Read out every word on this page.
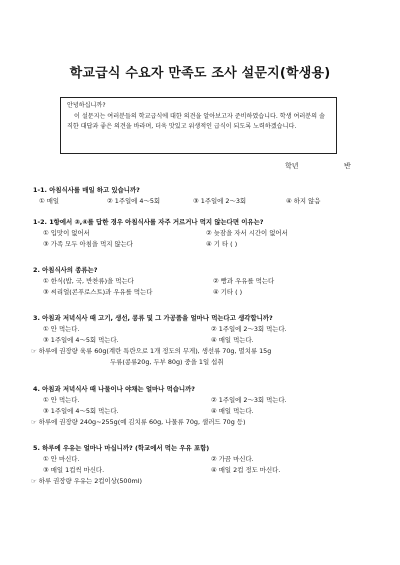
학교급식 수요자 만족도 조사 설문지(학생용)
안녕하십니까?
이 설문지는 여러분들의 학교급식에 대한 의견을 알아보고자 준비하였습니다. 학생 여러분의 솔직한 대답과 좋은 의견을 바라며, 더욱 맛있고 위생적인 급식이 되도록 노력하겠습니다.
학년	반
1-1. 아침식사를 매일 하고 있습니까?
① 매일	② 1주일에 4～5회	③ 1주일에 2～3회	④ 하지 않음
1-2. 1항에서 ③,④를 답한 경우 아침식사를 자주 거르거나 먹지 않는다면 이유는?
① 입맛이 없어서	② 늦잠을 자서 시간이 없어서
③ 가족 모두 아침을 먹지 않는다	④ 기 타 ( )
2. 아침식사의 종류는?
① 한식(밥, 국, 반찬류)을 먹는다	② 빵과 우유를 먹는다
③ 씨리얼(콘푸로스트)과 우유를 먹는다	④ 기타 ( )
3. 아침과 저녁식사 때 고기, 생선, 콩류 및 그 가공품을 얼마나 먹는다고 생각합니까?
① 안 먹는다.	② 1주일에 2～3회 먹는다.
③ 1주일에 4～5회 먹는다.	④ 매일 먹는다.
☞ 하루에 권장량 육류 60g(계란 특란으로 1개 정도의 무게), 생선류 70g, 멸치류 15g
두류(콩류20g, 두부 80g) 중을 1일 섭취
4. 아침과 저녁식사 때 나물이나 야채는 얼마나 먹습니까?
① 안 먹는다.	② 1주일에 2～3회 먹는다.
③ 1주일에 4～5회 먹는다.	④ 매일 먹는다.
☞ 하루에 권장량 240g~255g(예 김치류 60g, 나물류 70g, 샐러드 70g 등)
5. 하루에 우유는 얼마나 마십니까? (학교에서 먹는 우유 포함)
① 안 마신다.	② 가끔 마신다.
③ 매일 1컵씩 마신다.	④ 매일 2컵 정도 마신다.
☞ 하루 권장량 우유는 2컵이상(500ml)
